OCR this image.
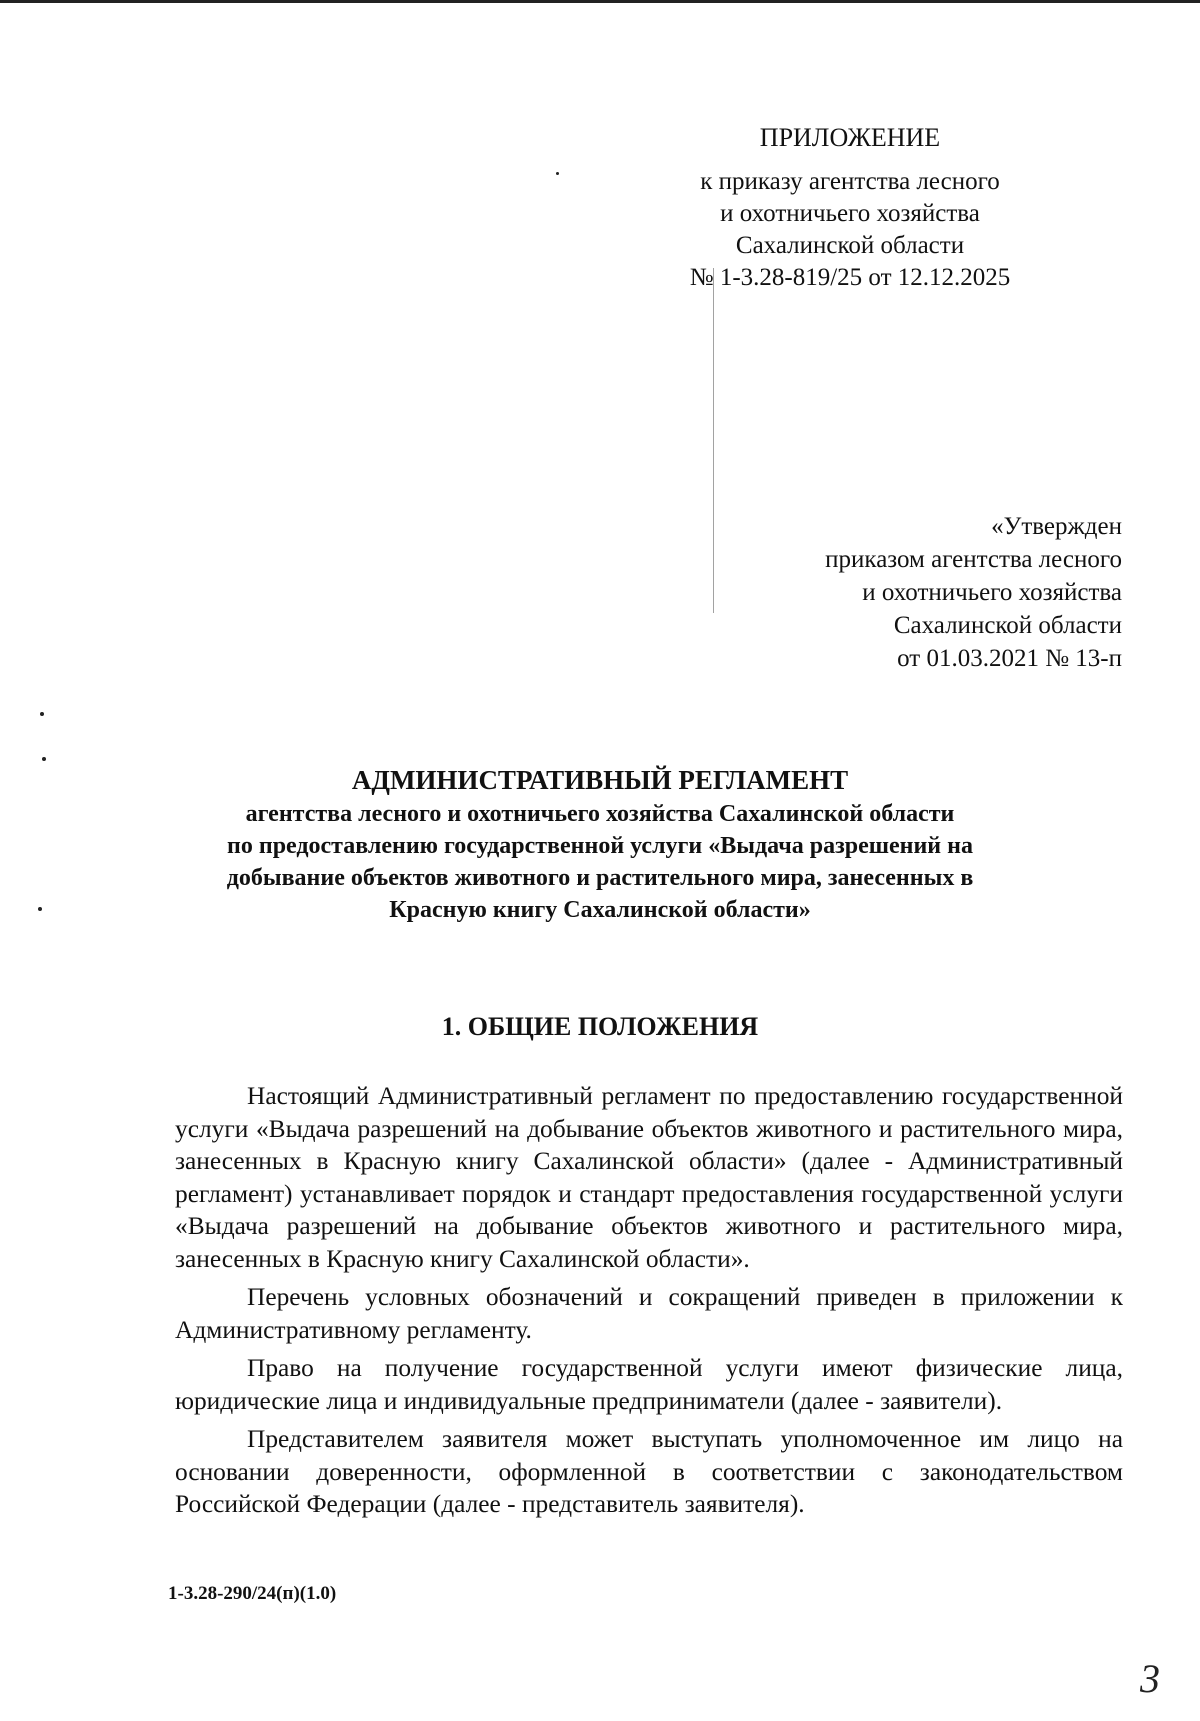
ПРИЛОЖЕНИЕ
к приказу агентства лесного
и охотничьего хозяйства
Сахалинской области
№ 1-3.28-819/25 от 12.12.2025
«Утвержден
приказом агентства лесного
и охотничьего хозяйства
Сахалинской области
от 01.03.2021 № 13-п
АДМИНИСТРАТИВНЫЙ РЕГЛАМЕНТ
агентства лесного и охотничьего хозяйства Сахалинской области
по предоставлению государственной услуги «Выдача разрешений на
добывание объектов животного и растительного мира, занесенных в
Красную книгу Сахалинской области»
1. ОБЩИЕ ПОЛОЖЕНИЯ

Настоящий Административный регламент по предоставлению государственной услуги «Выдача разрешений на добывание объектов животного и растительного мира, занесенных в Красную книгу Сахалинской области» (далее - Административный регламент) устанавливает порядок и стандарт предоставления государственной услуги «Выдача разрешений на добывание объектов животного и растительного мира, занесенных в Красную книгу Сахалинской области».

Перечень условных обозначений и сокращений приведен в приложении к Административному регламенту.

Право на получение государственной услуги имеют физические лица, юридические лица и индивидуальные предприниматели (далее - заявители).

Представителем заявителя может выступать уполномоченное им лицо на основании доверенности, оформленной в соответствии с законодательством Российской Федерации (далее - представитель заявителя).

1-3.28-290/24(п)(1.0)
3
